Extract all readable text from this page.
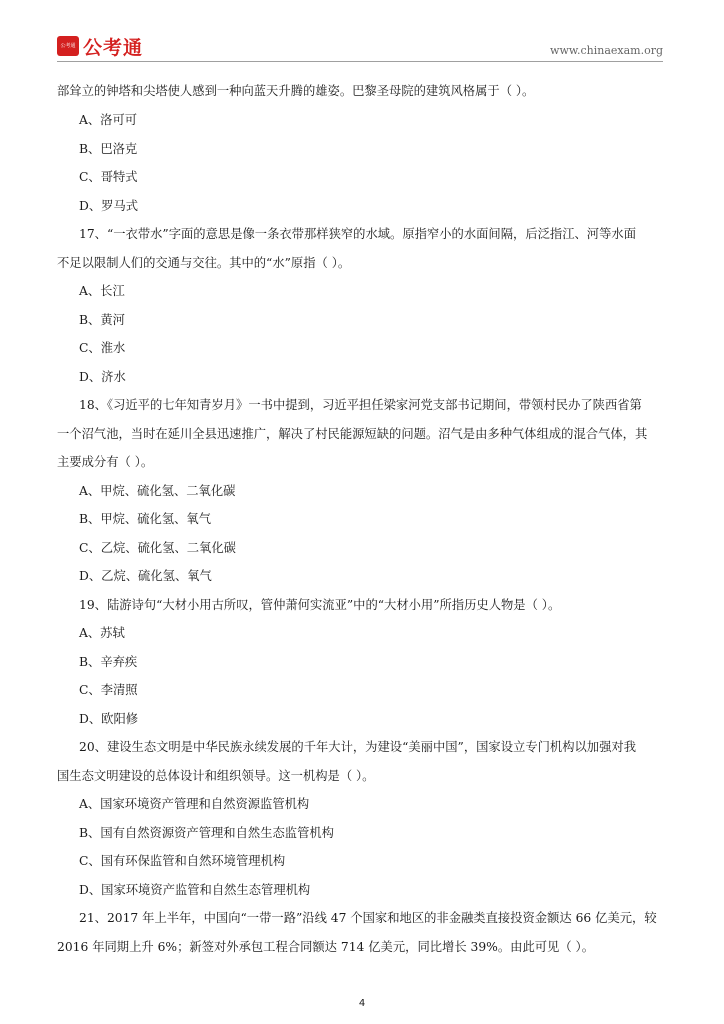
公考通 公考通	www.chinaexam.org
部耸立的钟塔和尖塔使人感到一种向蓝天升腾的雄姿。巴黎圣母院的建筑风格属于（ ）。
A、洛可可
B、巴洛克
C、哥特式
D、罗马式
17、“一衣带水”字面的意思是像一条衣带那样狭窄的水域。原指窄小的水面间隔，后泛指江、河等水面
不足以限制人们的交通与交往。其中的“水”原指（ ）。
A、长江
B、黄河
C、淮水
D、济水
18、《习近平的七年知青岁月》一书中提到，习近平担任梁家河党支部书记期间，带领村民办了陕西省第
一个沼气池，当时在延川全县迅速推广，解决了村民能源短缺的问题。沼气是由多种气体组成的混合气体，其
主要成分有（ ）。
A、甲烷、硫化氢、二氧化碳
B、甲烷、硫化氢、氧气
C、乙烷、硫化氢、二氧化碳
D、乙烷、硫化氢、氧气
19、陆游诗句“大材小用古所叹，管仲萧何实流亚”中的“大材小用”所指历史人物是（ ）。
A、苏轼
B、辛弃疾
C、李清照
D、欧阳修
20、建设生态文明是中华民族永续发展的千年大计，为建设“美丽中国”，国家设立专门机构以加强对我
国生态文明建设的总体设计和组织领导。这一机构是（ ）。
A、国家环境资产管理和自然资源监管机构
B、国有自然资源资产管理和自然生态监管机构
C、国有环保监管和自然环境管理机构
D、国家环境资产监管和自然生态管理机构
21、2017 年上半年，中国向“一带一路”沿线 47 个国家和地区的非金融类直接投资金额达 66 亿美元，较
2016 年同期上升 6%；新签对外承包工程合同额达 714 亿美元，同比增长 39%。由此可见（ ）。
4
